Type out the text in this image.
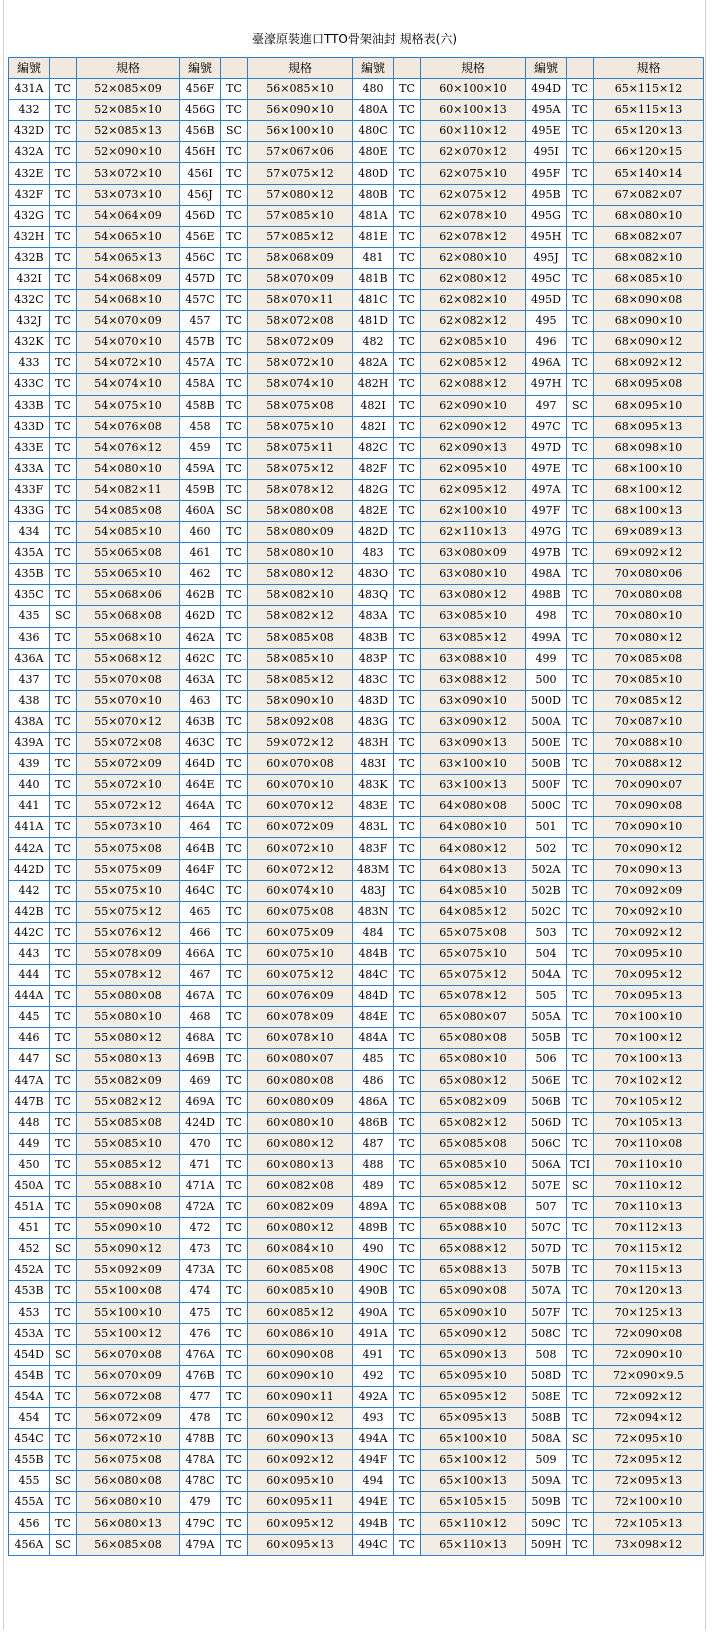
臺濠原裝進口TTO骨架油封 規格表(六)
編號		規格	編號		規格	編號		規格	編號		規格
431A	TC	52×085×09	456F	TC	56×085×10	480	TC	60×100×10	494D	TC	65×115×12
432	TC	52×085×10	456G	TC	56×090×10	480A	TC	60×100×13	495A	TC	65×115×13
432D	TC	52×085×13	456B	SC	56×100×10	480C	TC	60×110×12	495E	TC	65×120×13
432A	TC	52×090×10	456H	TC	57×067×06	480E	TC	62×070×12	495I	TC	66×120×15
432E	TC	53×072×10	456I	TC	57×075×12	480D	TC	62×075×10	495F	TC	65×140×14
432F	TC	53×073×10	456J	TC	57×080×12	480B	TC	62×075×12	495B	TC	67×082×07
432G	TC	54×064×09	456D	TC	57×085×10	481A	TC	62×078×10	495G	TC	68×080×10
432H	TC	54×065×10	456E	TC	57×085×12	481E	TC	62×078×12	495H	TC	68×082×07
432B	TC	54×065×13	456C	TC	58×068×09	481	TC	62×080×10	495J	TC	68×082×10
432I	TC	54×068×09	457D	TC	58×070×09	481B	TC	62×080×12	495C	TC	68×085×10
432C	TC	54×068×10	457C	TC	58×070×11	481C	TC	62×082×10	495D	TC	68×090×08
432J	TC	54×070×09	457	TC	58×072×08	481D	TC	62×082×12	495	TC	68×090×10
432K	TC	54×070×10	457B	TC	58×072×09	482	TC	62×085×10	496	TC	68×090×12
433	TC	54×072×10	457A	TC	58×072×10	482A	TC	62×085×12	496A	TC	68×092×12
433C	TC	54×074×10	458A	TC	58×074×10	482H	TC	62×088×12	497H	TC	68×095×08
433B	TC	54×075×10	458B	TC	58×075×08	482I	TC	62×090×10	497	SC	68×095×10
433D	TC	54×076×08	458	TC	58×075×10	482I	TC	62×090×12	497C	TC	68×095×13
433E	TC	54×076×12	459	TC	58×075×11	482C	TC	62×090×13	497D	TC	68×098×10
433A	TC	54×080×10	459A	TC	58×075×12	482F	TC	62×095×10	497E	TC	68×100×10
433F	TC	54×082×11	459B	TC	58×078×12	482G	TC	62×095×12	497A	TC	68×100×12
433G	TC	54×085×08	460A	SC	58×080×08	482E	TC	62×100×10	497F	TC	68×100×13
434	TC	54×085×10	460	TC	58×080×09	482D	TC	62×110×13	497G	TC	69×089×13
435A	TC	55×065×08	461	TC	58×080×10	483	TC	63×080×09	497B	TC	69×092×12
435B	TC	55×065×10	462	TC	58×080×12	483O	TC	63×080×10	498A	TC	70×080×06
435C	TC	55×068×06	462B	TC	58×082×10	483Q	TC	63×080×12	498B	TC	70×080×08
435	SC	55×068×08	462D	TC	58×082×12	483A	TC	63×085×10	498	TC	70×080×10
436	TC	55×068×10	462A	TC	58×085×08	483B	TC	63×085×12	499A	TC	70×080×12
436A	TC	55×068×12	462C	TC	58×085×10	483P	TC	63×088×10	499	TC	70×085×08
437	TC	55×070×08	463A	TC	58×085×12	483C	TC	63×088×12	500	TC	70×085×10
438	TC	55×070×10	463	TC	58×090×10	483D	TC	63×090×10	500D	TC	70×085×12
438A	TC	55×070×12	463B	TC	58×092×08	483G	TC	63×090×12	500A	TC	70×087×10
439A	TC	55×072×08	463C	TC	59×072×12	483H	TC	63×090×13	500E	TC	70×088×10
439	TC	55×072×09	464D	TC	60×070×08	483I	TC	63×100×10	500B	TC	70×088×12
440	TC	55×072×10	464E	TC	60×070×10	483K	TC	63×100×13	500F	TC	70×090×07
441	TC	55×072×12	464A	TC	60×070×12	483E	TC	64×080×08	500C	TC	70×090×08
441A	TC	55×073×10	464	TC	60×072×09	483L	TC	64×080×10	501	TC	70×090×10
442A	TC	55×075×08	464B	TC	60×072×10	483F	TC	64×080×12	502	TC	70×090×12
442D	TC	55×075×09	464F	TC	60×072×12	483M	TC	64×080×13	502A	TC	70×090×13
442	TC	55×075×10	464C	TC	60×074×10	483J	TC	64×085×10	502B	TC	70×092×09
442B	TC	55×075×12	465	TC	60×075×08	483N	TC	64×085×12	502C	TC	70×092×10
442C	TC	55×076×12	466	TC	60×075×09	484	TC	65×075×08	503	TC	70×092×12
443	TC	55×078×09	466A	TC	60×075×10	484B	TC	65×075×10	504	TC	70×095×10
444	TC	55×078×12	467	TC	60×075×12	484C	TC	65×075×12	504A	TC	70×095×12
444A	TC	55×080×08	467A	TC	60×076×09	484D	TC	65×078×12	505	TC	70×095×13
445	TC	55×080×10	468	TC	60×078×09	484E	TC	65×080×07	505A	TC	70×100×10
446	TC	55×080×12	468A	TC	60×078×10	484A	TC	65×080×08	505B	TC	70×100×12
447	SC	55×080×13	469B	TC	60×080×07	485	TC	65×080×10	506	TC	70×100×13
447A	TC	55×082×09	469	TC	60×080×08	486	TC	65×080×12	506E	TC	70×102×12
447B	TC	55×082×12	469A	TC	60×080×09	486A	TC	65×082×09	506B	TC	70×105×12
448	TC	55×085×08	424D	TC	60×080×10	486B	TC	65×082×12	506D	TC	70×105×13
449	TC	55×085×10	470	TC	60×080×12	487	TC	65×085×08	506C	TC	70×110×08
450	TC	55×085×12	471	TC	60×080×13	488	TC	65×085×10	506A	TCI	70×110×10
450A	TC	55×088×10	471A	TC	60×082×08	489	TC	65×085×12	507E	SC	70×110×12
451A	TC	55×090×08	472A	TC	60×082×09	489A	TC	65×088×08	507	TC	70×110×13
451	TC	55×090×10	472	TC	60×080×12	489B	TC	65×088×10	507C	TC	70×112×13
452	SC	55×090×12	473	TC	60×084×10	490	TC	65×088×12	507D	TC	70×115×12
452A	TC	55×092×09	473A	TC	60×085×08	490C	TC	65×088×13	507B	TC	70×115×13
453B	TC	55×100×08	474	TC	60×085×10	490B	TC	65×090×08	507A	TC	70×120×13
453	TC	55×100×10	475	TC	60×085×12	490A	TC	65×090×10	507F	TC	70×125×13
453A	TC	55×100×12	476	TC	60×086×10	491A	TC	65×090×12	508C	TC	72×090×08
454D	SC	56×070×08	476A	TC	60×090×08	491	TC	65×090×13	508	TC	72×090×10
454B	TC	56×070×09	476B	TC	60×090×10	492	TC	65×095×10	508D	TC	72×090×9.5
454A	TC	56×072×08	477	TC	60×090×11	492A	TC	65×095×12	508E	TC	72×092×12
454	TC	56×072×09	478	TC	60×090×12	493	TC	65×095×13	508B	TC	72×094×12
454C	TC	56×072×10	478B	TC	60×090×13	494A	TC	65×100×10	508A	SC	72×095×10
455B	TC	56×075×08	478A	TC	60×092×12	494F	TC	65×100×12	509	TC	72×095×12
455	SC	56×080×08	478C	TC	60×095×10	494	TC	65×100×13	509A	TC	72×095×13
455A	TC	56×080×10	479	TC	60×095×11	494E	TC	65×105×15	509B	TC	72×100×10
456	TC	56×080×13	479C	TC	60×095×12	494B	TC	65×110×12	509C	TC	72×105×13
456A	SC	56×085×08	479A	TC	60×095×13	494C	TC	65×110×13	509H	TC	73×098×12
